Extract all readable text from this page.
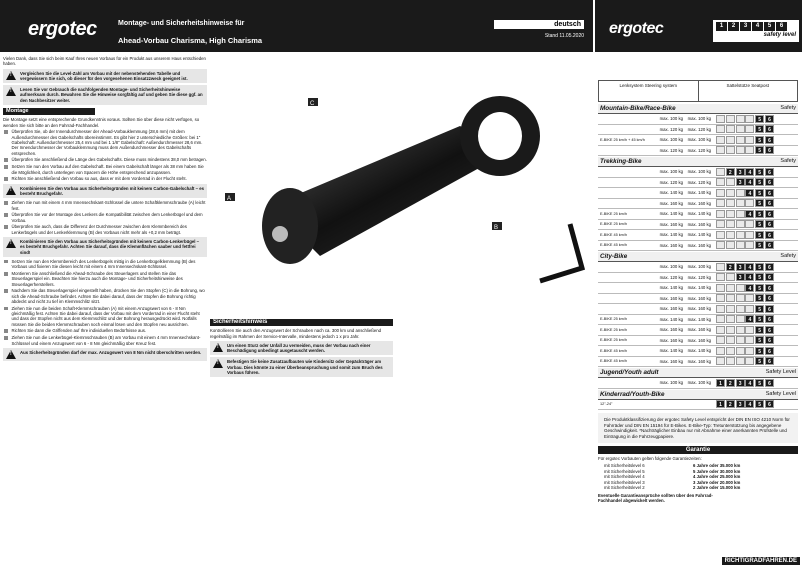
ergotec	Montage- und Sicherheitshinweise für
Ahead-Vorbau Charisma, High Charisma
deutsch
Stand 11.05.2020 ergotec	1	2	3	4	5	6
safety level
Vielen Dank, dass Sie sich beim Kauf Ihres neuen Vorbaus für ein Produkt aus unserem Haus entschieden haben.
!
Vergleichen Sie die Level-Zahl am Vorbau mit der nebenstehenden Tabelle und vergewissern Sie sich, ob dieser für den vorgesehenen Einsatzzweck geeignet ist.
!
Lesen Sie vor Gebrauch die nachfolgenden Montage- und Sicherheitshinweise aufmerksam durch. Bewahren Sie die Hinweise sorgfältig auf und geben Sie diese ggf. an den Nachbesitzer weiter.
Montage
Die Montage setzt eine entsprechende Grundkenntnis voraus. Sollten Sie über diese nicht verfügen, so wenden Sie sich bitte an den Fahrrad-Fachhandel.
Überprüfen Sie, ob der Innendurchmesser der Ahead-Vorbauklemmung (28,6 mm) mit dem Außendurchmesser des Gabelschafts übereinstimmt. Es gibt hier 2 unterschiedliche Größen: bei 1" Gabelschaft: Außendurchmesser 25,4 mm und bei 1 1/8" Gabelschaft: Außendurchmesser 28,6 mm. Der Innendurchmesser der Vorbauklemmung muss dem Außendurchmesser des Gabelschafts entsprechen.
Überprüfen Sie anschließend die Länge des Gabelschafts. Diese muss mindestens 38,0 mm betragen.
Setzen Sie nun den Vorbau auf den Gabelschaft. Bei einem Gabelschaft länger als 38 mm haben Sie die Möglichkeit, durch unterlegen von Spacern die Höhe entsprechend anzupassen.
Richten Sie anschließend den Vorbau so aus, dass er mit dem Vorderrad in der Flucht steht.
!
Kombinieren Sie den Vorbau aus Sicherheitsgründen mit keinem Carbon-Gabelschaft – es besteht Bruchgefahr.
Ziehen Sie nun mit einem 4 mm Innensechskant-Schlüssel die untere Schaftklemmschraube (A) leicht fest.
Überprüfen Sie vor der Montage des Lenkers die Kompatibilität zwischen dem Lenkerbügel und dem Vorbau.
Überprüfen Sie auch, dass die Differenz der Durchmesser zwischen dem Klemmbereich des Lenkerbügels und der Lenkerklemmung (B) des Vorbaus nicht mehr als +0,2 mm beträgt.
!
Kombinieren Sie den Vorbau aus Sicherheitsgründen mit keinem Carbon-Lenkerbügel – es besteht Bruchgefahr. Achten Sie darauf, dass die Klemmflächen sauber und fettfrei sind!
Setzen Sie nun den Klemmbereich des Lenkerbügels mittig in die Lenkerbügelklemmung (B) des Vorbaus und fixieren Sie diesen leicht mit einem 4 mm Innensechskant-Schlüssel.
Montieren Sie anschließend die Ahead-Schraube des Steuerlagers und stellen Sie das Steuerlagerspiel ein. Beachten Sie hierzu auch die Montage- und Sicherheitshinweise des Steuerlagerherstellers.
Nachdem Sie das Steuerlagerspiel eingestellt haben, drücken Sie den Stopfen (C) in die Bohrung, wo sich die Ahead-Schraube befindet. Achten Sie dabei darauf, dass der Stopfen die Bohrung richtig abdeckt und nicht zu tief im Klemmschlitz sitzt.
Ziehen Sie nun die beiden Schaft-Klemmschrauben (A) mit einem Anzugswert von 6 - 8 Nm gleichmäßig fest. Achten Sie dabei darauf, dass der Vorbau mit dem Vorderrad in einer Flucht steht und dass der Stopfen nicht aus dem Klemmschlitz und der Bohrung herausgedrückt wird. Notfalls müssen Sie die beiden Klemmschrauben noch einmal lösen und den Stopfen neu ausrichten.
Richten Sie dann die Griffenden auf Ihre individuellen Bedürfnisse aus.
Ziehen Sie nun die Lenkerbügel-Klemmschrauben (B) am Vorbau mit einem 4 mm Innensechskant-Schlüssel und einem Anzugswert von 6 - 8 Nm gleichmäßig über Kreuz fest.
!
Aus Sicherheitsgründen darf der max. Anzugswert von 8 Nm nicht überschritten werden.
A
B
C
Sicherheitshinweis
Kontrollieren Sie auch den Anzugswert der Schrauben nach ca. 300 km und anschließend regelmäßig im Rahmen der Service-Intervalle, mindestens jedoch 1 x pro Jahr.
!
Um einen Sturz oder Unfall zu vermeiden, muss der Vorbau nach einer Beschädigung unbedingt ausgetauscht werden.
!
Befestigen Sie keine Zusatzaufbauten wie Kindersitz oder Gepäckträger am Vorbau. Dies könnte zu einer Überbeanspruchung und somit zum Bruch des Vorbaus führen.
Lenksystem Steering system	Sattelstütze Seatpost
Mountain-Bike/Race-Bike	Safety
max. 100 kg	max. 100 kg	5	6
max. 120 kg	max. 120 kg	5	6
E-BIKE 25 km/h + 45 km/h	max. 100 kg	max. 100 kg	5	6
max. 120 kg	max. 120 kg	5	6
Trekking-Bike	Safety
max. 100 kg	max. 100 kg	2	3	4	5	6
max. 120 kg	max. 120 kg	3	4	5	6
max. 140 kg	max. 140 kg	4	5	6
max. 160 kg	max. 160 kg	5	6
E-BIKE 25 km/h	max. 140 kg	max. 140 kg	4	5	6
E-BIKE 25 km/h	max. 160 kg	max. 160 kg	5	6
E-BIKE 45 km/h	max. 140 kg	max. 140 kg	5	6
E-BIKE 45 km/h	max. 160 kg	max. 160 kg	5	6
City-Bike	Safety
max. 100 kg	max. 100 kg	2	3	4	5	6
max. 120 kg	max. 120 kg	3	4	5	6
max. 140 kg	max. 140 kg	4	5	6
max. 160 kg	max. 160 kg	5	6
max. 160 kg	max. 160 kg	5	6
E-BIKE 25 km/h	max. 140 kg	max. 140 kg	4	5	6
E-BIKE 25 km/h	max. 160 kg	max. 160 kg	5	6
E-BIKE 25 km/h	max. 160 kg	max. 160 kg	5	6
E-BIKE 45 km/h	max. 140 kg	max. 140 kg	5	6
E-BIKE 45 km/h	max. 160 kg	max. 160 kg	5	6
Jugend/Youth adult	Safety Level
max. 100 kg	max. 100 kg	1	2	3	4	5	6
Kinderrad/Youth-Bike	Safety Level
12"-24"	1	2	3	4	5	6
Die Produktklassifizierung der ergotec Safety Level entspricht der DIN EN ISO 4210 Norm für Fahrräder und DIN EN 15194 für E-Bikes. E-Bike-Typ: Tretunterstützung bis angegebene Geschwindigkeit. *Nachträglicher Einbau nur mit Abnahme einer anerkannten Prüfstelle und Eintragung in die Fahrzeugpapiere.
Garantie
Für ergotec Vorbauten gelten folgende Garantiezeiten:
mit Sicherheitslevel 6	6 Jahre oder 35.000 km
mit Sicherheitslevel 5	5 Jahre oder 30.000 km
mit Sicherheitslevel 4	4 Jahre oder 25.000 km
mit Sicherheitslevel 3	3 Jahre oder 20.000 km
mit Sicherheitslevel 2	2 Jahre oder 15.000 km
Eventuelle Garantieansprüche sollten über den Fahrrad-Fachhandel abgewickelt werden.
RICHTIGRADFAHREN.DE
